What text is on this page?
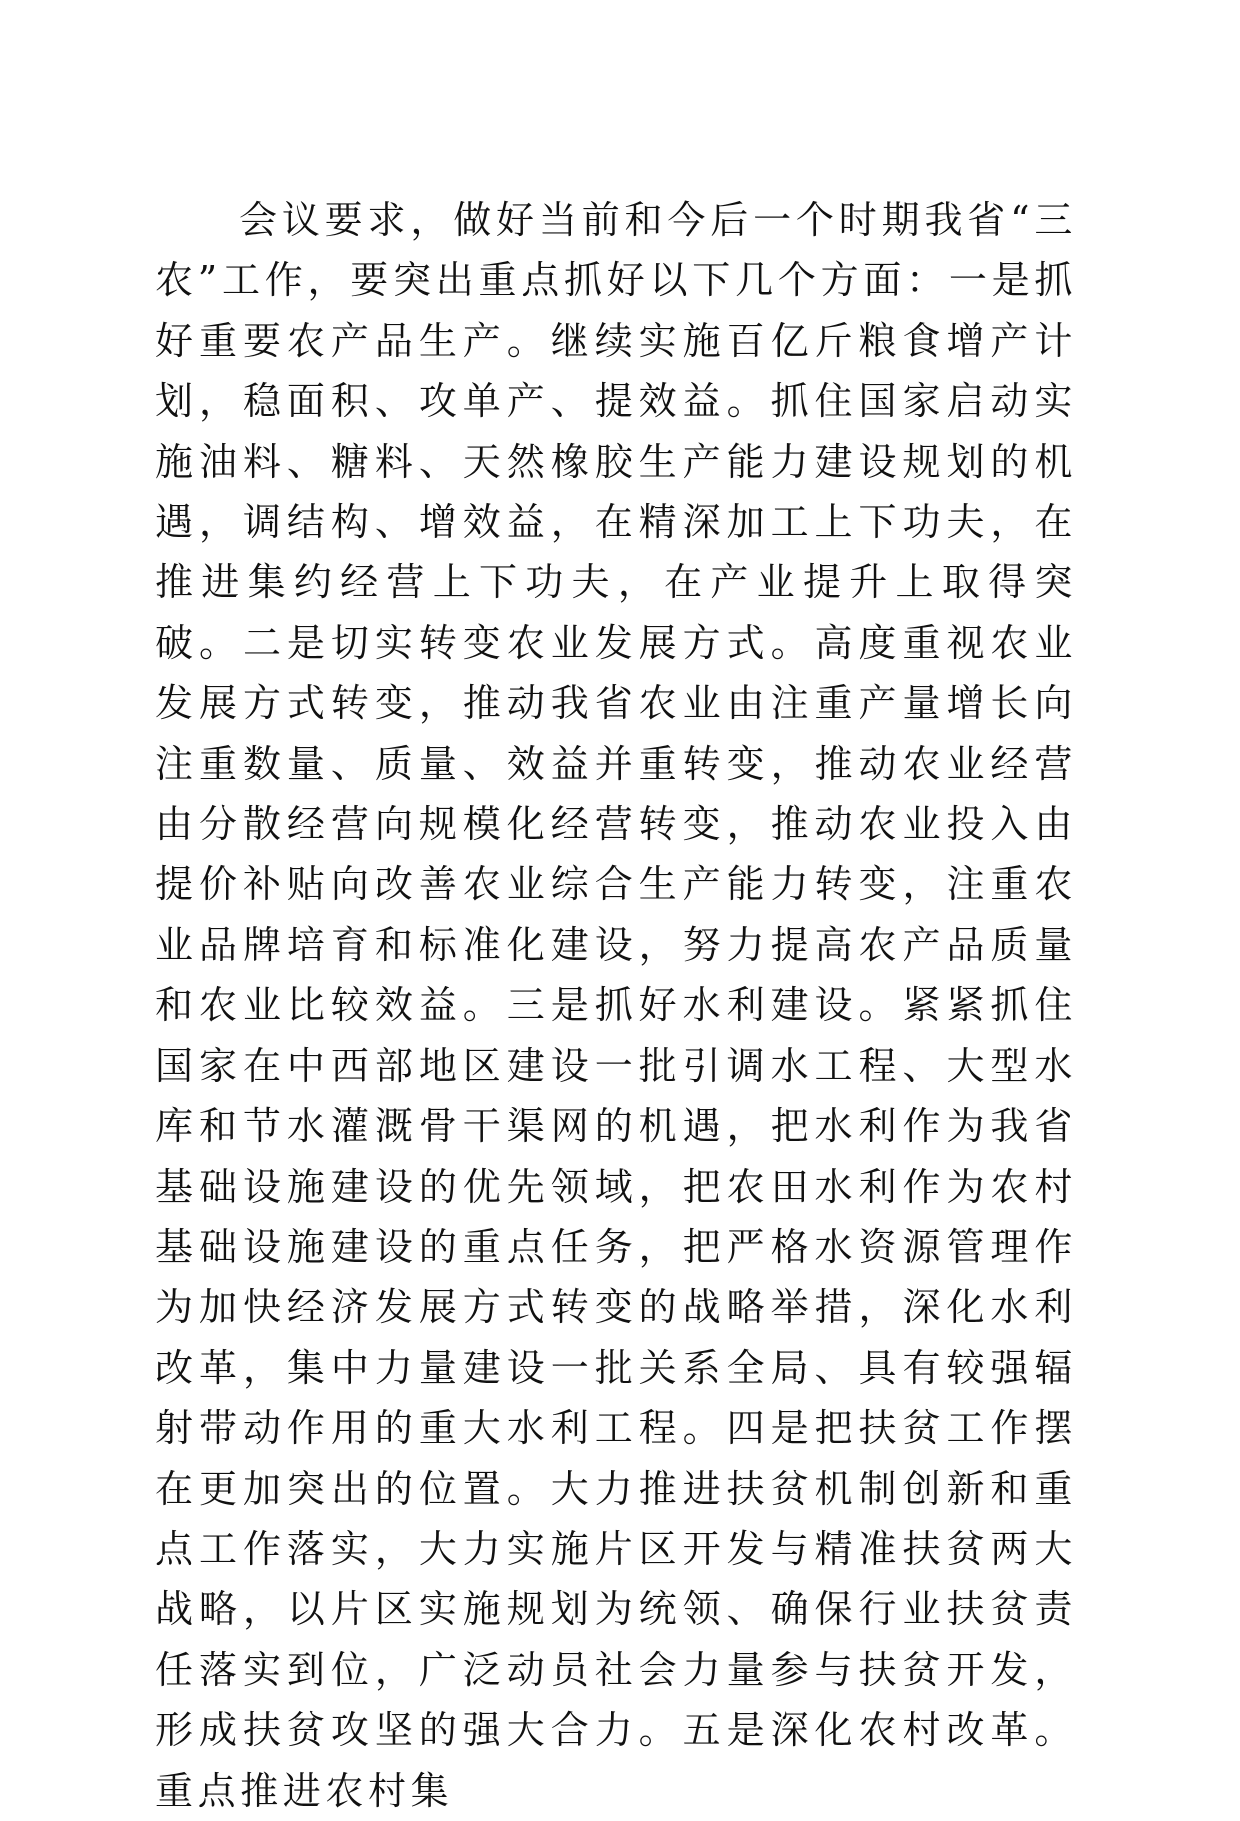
会议要求，做好当前和今后一个时期我省“三农”工作，要突出重点抓好以下几个方面：一是抓好重要农产品生产。继续实施百亿斤粮食增产计划，稳面积、攻单产、提效益。抓住国家启动实施油料、糖料、天然橡胶生产能力建设规划的机遇，调结构、增效益，在精深加工上下功夫，在推进集约经营上下功夫，在产业提升上取得突破。二是切实转变农业发展方式。高度重视农业发展方式转变，推动我省农业由注重产量增长向注重数量、质量、效益并重转变，推动农业经营由分散经营向规模化经营转变，推动农业投入由提价补贴向改善农业综合生产能力转变，注重农业品牌培育和标准化建设，努力提高农产品质量和农业比较效益。三是抓好水利建设。紧紧抓住国家在中西部地区建设一批引调水工程、大型水库和节水灌溉骨干渠网的机遇，把水利作为我省基础设施建设的优先领域，把农田水利作为农村基础设施建设的重点任务，把严格水资源管理作为加快经济发展方式转变的战略举措，深化水利改革，集中力量建设一批关系全局、具有较强辐射带动作用的重大水利工程。四是把扶贫工作摆在更加突出的位置。大力推进扶贫机制创新和重点工作落实，大力实施片区开发与精准扶贫两大战略，以片区实施规划为统领、确保行业扶贫责任落实到位，广泛动员社会力量参与扶贫开发，形成扶贫攻坚的强大合力。五是深化农村改革。重点推进农村集
